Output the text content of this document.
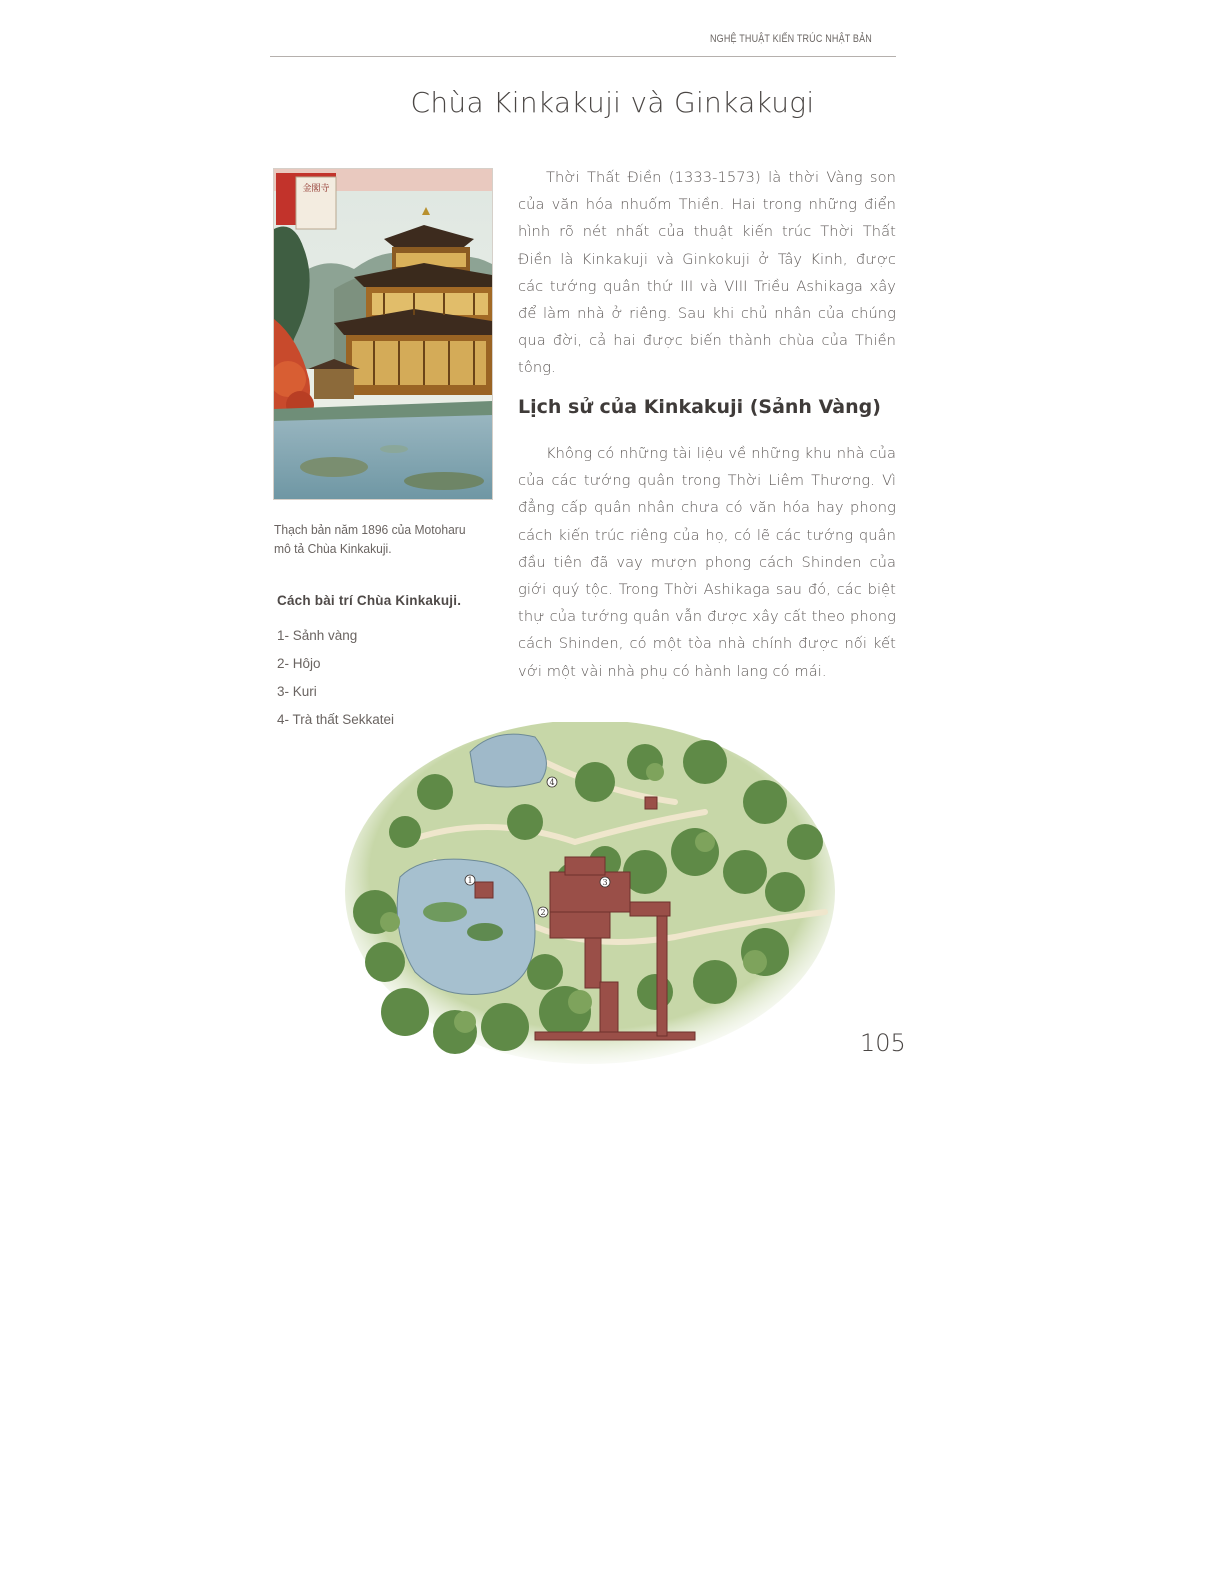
NGHỆ THUẬT KIẾN TRÚC NHẬT BẢN
Chùa Kinkakuji và Ginkakugi
金閣寺
Thạch bản năm 1896 của Motoharu mô tả Chùa Kinkakuji.
Cách bài trí Chùa Kinkakuji.
1- Sảnh vàng
2- Hôjo
3- Kuri
4- Trà thất Sekkatei
Thời Thất Điền (1333-1573) là thời Vàng son của văn hóa nhuốm Thiền. Hai trong những điển hình rõ nét nhất của thuật kiến trúc Thời Thất Điền là Kinkakuji và Ginkokuji ở Tây Kinh, được các tướng quân thứ III và VIII Triều Ashikaga xây để làm nhà ở riêng. Sau khi chủ nhân của chúng qua đời, cả hai được biến thành chùa của Thiền tông.
Lịch sử của Kinkakuji (Sảnh Vàng)
Không có những tài liệu về những khu nhà của của các tướng quân trong Thời Liêm Thương. Vì đẳng cấp quân nhân chưa có văn hóa hay phong cách kiến trúc riêng của họ, có lẽ các tướng quân đầu tiên đã vay mượn phong cách Shinden của giới quý tộc. Trong Thời Ashikaga sau đó, các biệt thự của tướng quân vẫn được xây cất theo phong cách Shinden, có một tòa nhà chính được nối kết với một vài nhà phụ có hành lang có mái.
1
2
3
4
105
